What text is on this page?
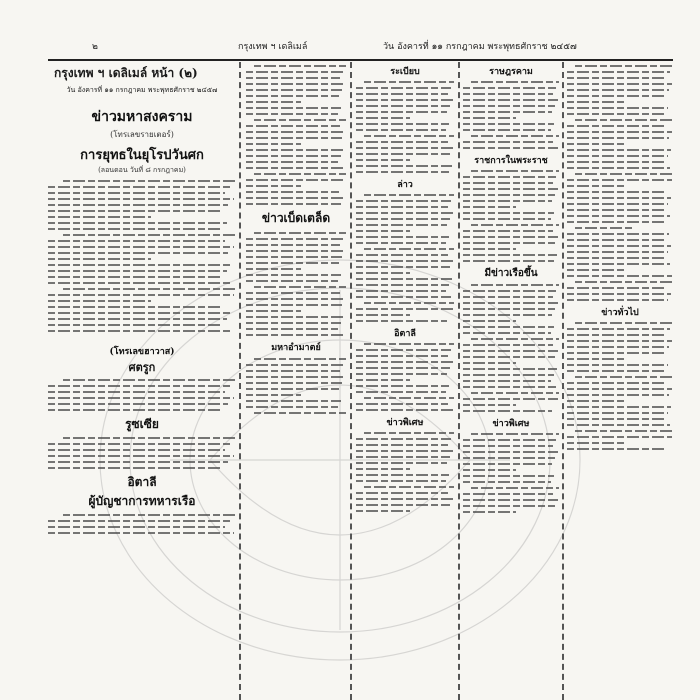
๒	กรุงเทพ ฯ เดลิเมล์	วัน อังคารที่ ๑๑ กรกฎาคม พระพุทธศักราช ๒๔๕๗
กรุงเทพ ฯ เดลิเมล์ หน้า (๒)
วัน อังคารที่ ๑๑ กรกฎาคม พระพุทธศักราช ๒๔๕๗
ข่าวมหาสงคราม
(โทรเลขรายเตอร์)
การยุทธในยุโรปวันศก
(ลอนดอน วันที่ ๘ กรกฎาคม)
(โทรเลขฮาวาส)
ศตรูก
รูซเซีย
อิตาลี
ผู้บัญชาการทหารเรือ
ข่าวเบ็ดเตล็ด
มหาอำมาตย์
ระเบียบ
ล่าว
อิตาลี
ข่าวพิเศษ
ราษฎรคาม
ราชการในพระราช
มีข่าวเรือขึ้น
ข่าวพิเศษ
ข่าวทั่วไป
